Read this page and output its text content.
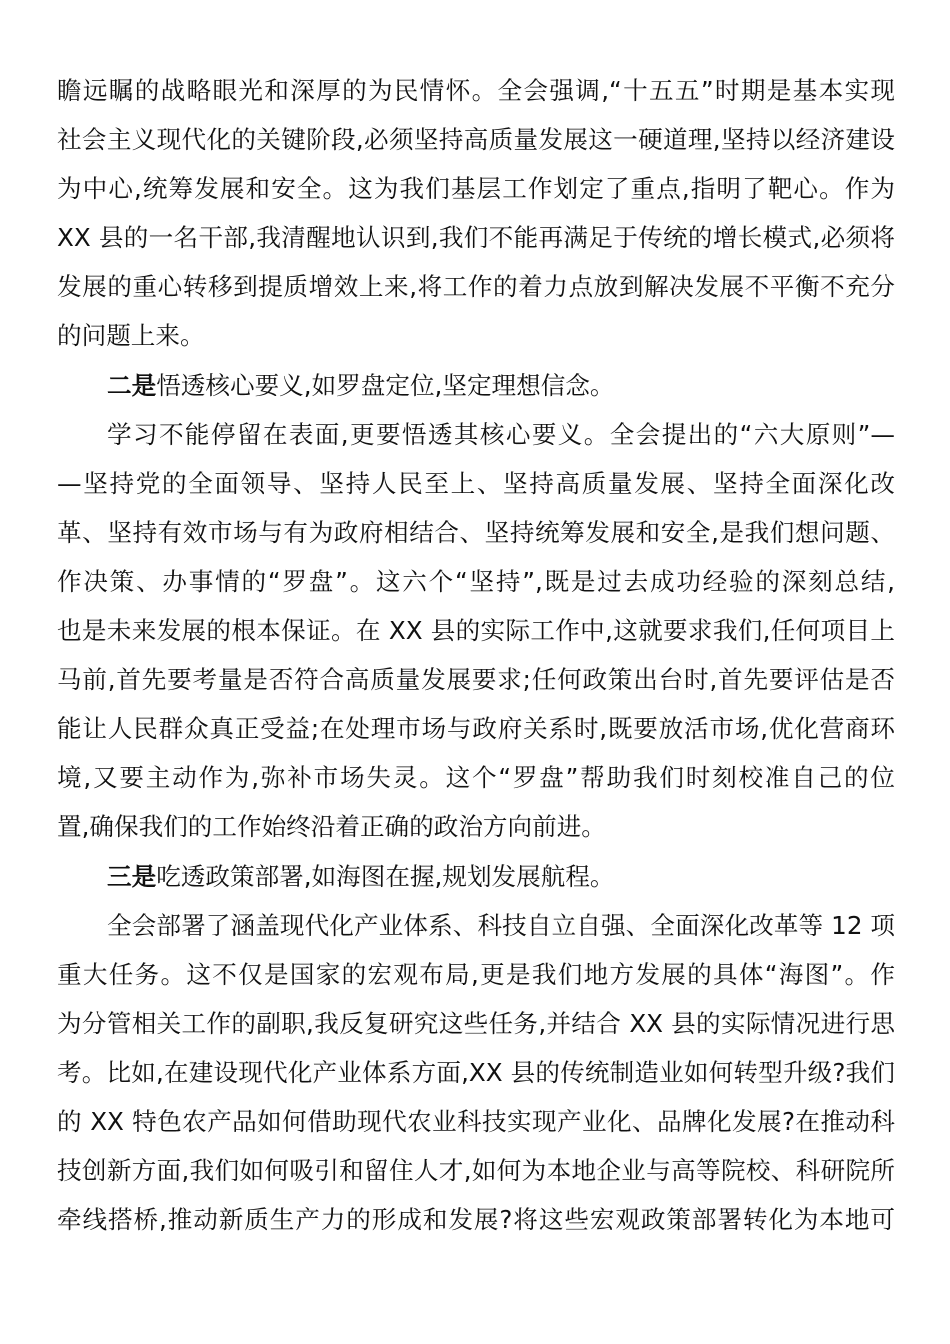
瞻远瞩的战略眼光和深厚的为民情怀。全会强调,“十五五”时期是基本实现
社会主义现代化的关键阶段,必须坚持高质量发展这一硬道理,坚持以经济建设
为中心,统筹发展和安全。这为我们基层工作划定了重点,指明了靶心。作为
XX 县的一名干部,我清醒地认识到,我们不能再满足于传统的增长模式,必须将
发展的重心转移到提质增效上来,将工作的着力点放到解决发展不平衡不充分
的问题上来。
二是悟透核心要义,如罗盘定位,坚定理想信念。
学习不能停留在表面,更要悟透其核心要义。全会提出的“六大原则”—
—坚持党的全面领导、坚持人民至上、坚持高质量发展、坚持全面深化改
革、坚持有效市场与有为政府相结合、坚持统筹发展和安全,是我们想问题、
作决策、办事情的“罗盘”。这六个“坚持”,既是过去成功经验的深刻总结,
也是未来发展的根本保证。在 XX 县的实际工作中,这就要求我们,任何项目上
马前,首先要考量是否符合高质量发展要求;任何政策出台时,首先要评估是否
能让人民群众真正受益;在处理市场与政府关系时,既要放活市场,优化营商环
境,又要主动作为,弥补市场失灵。这个“罗盘”帮助我们时刻校准自己的位
置,确保我们的工作始终沿着正确的政治方向前进。
三是吃透政策部署,如海图在握,规划发展航程。
全会部署了涵盖现代化产业体系、科技自立自强、全面深化改革等 12 项
重大任务。这不仅是国家的宏观布局,更是我们地方发展的具体“海图”。作
为分管相关工作的副职,我反复研究这些任务,并结合 XX 县的实际情况进行思
考。比如,在建设现代化产业体系方面,XX 县的传统制造业如何转型升级?我们
的 XX 特色农产品如何借助现代农业科技实现产业化、品牌化发展?在推动科
技创新方面,我们如何吸引和留住人才,如何为本地企业与高等院校、科研院所
牵线搭桥,推动新质生产力的形成和发展?将这些宏观政策部署转化为本地可
